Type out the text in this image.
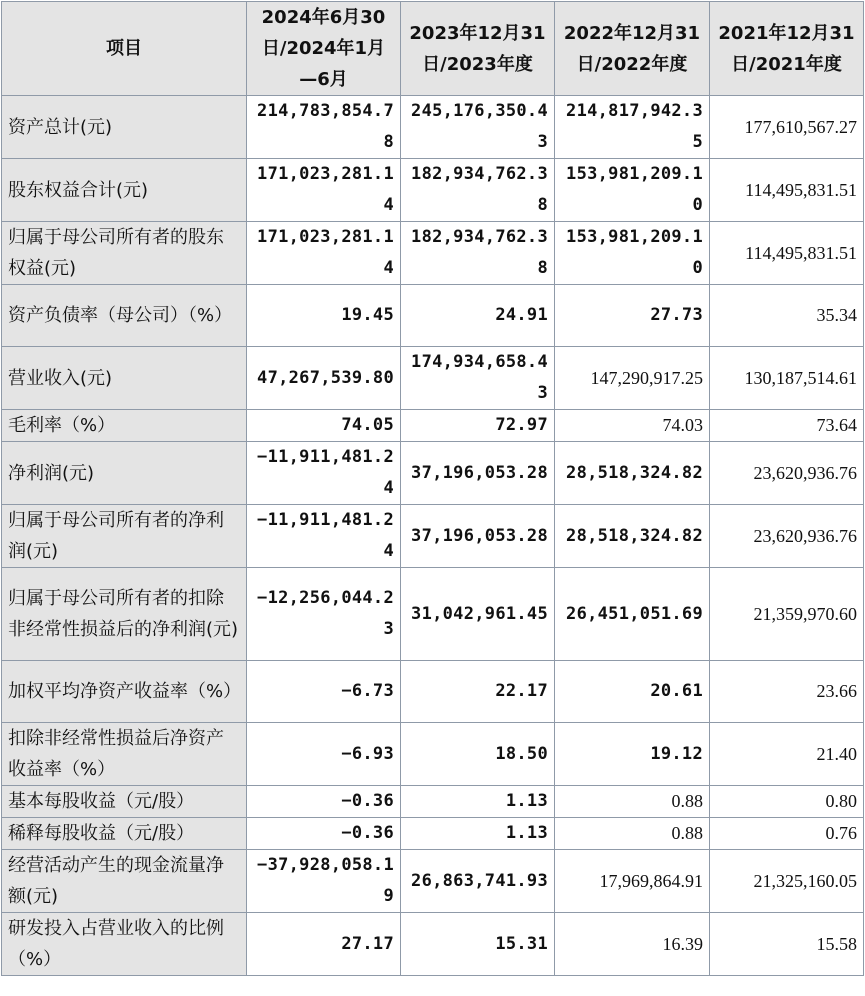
项目	2024年6月30日/2024年1月—6月	2023年12月31日/2023年度	2022年12月31日/2022年度	2021年12月31日/2021年度
资产总计(元)	214,783,854.78	245,176,350.43	214,817,942.35	177,610,567.27
股东权益合计(元)	171,023,281.14	182,934,762.38	153,981,209.10	114,495,831.51
归属于母公司所有者的股东权益(元)	171,023,281.14	182,934,762.38	153,981,209.10	114,495,831.51
资产负债率（母公司）（%）	19.45	24.91	27.73	35.34
营业收入(元)	47,267,539.80	174,934,658.43	147,290,917.25	130,187,514.61
毛利率（%）	74.05	72.97	74.03	73.64
净利润(元)	−11,911,481.24	37,196,053.28	28,518,324.82	23,620,936.76
归属于母公司所有者的净利润(元)	−11,911,481.24	37,196,053.28	28,518,324.82	23,620,936.76
归属于母公司所有者的扣除非经常性损益后的净利润(元)	−12,256,044.23	31,042,961.45	26,451,051.69	21,359,970.60
加权平均净资产收益率（%）	−6.73	22.17	20.61	23.66
扣除非经常性损益后净资产收益率（%）	−6.93	18.50	19.12	21.40
基本每股收益（元/股）	−0.36	1.13	0.88	0.80
稀释每股收益（元/股）	−0.36	1.13	0.88	0.76
经营活动产生的现金流量净额(元)	−37,928,058.19	26,863,741.93	17,969,864.91	21,325,160.05
研发投入占营业收入的比例（%）	27.17	15.31	16.39	15.58
